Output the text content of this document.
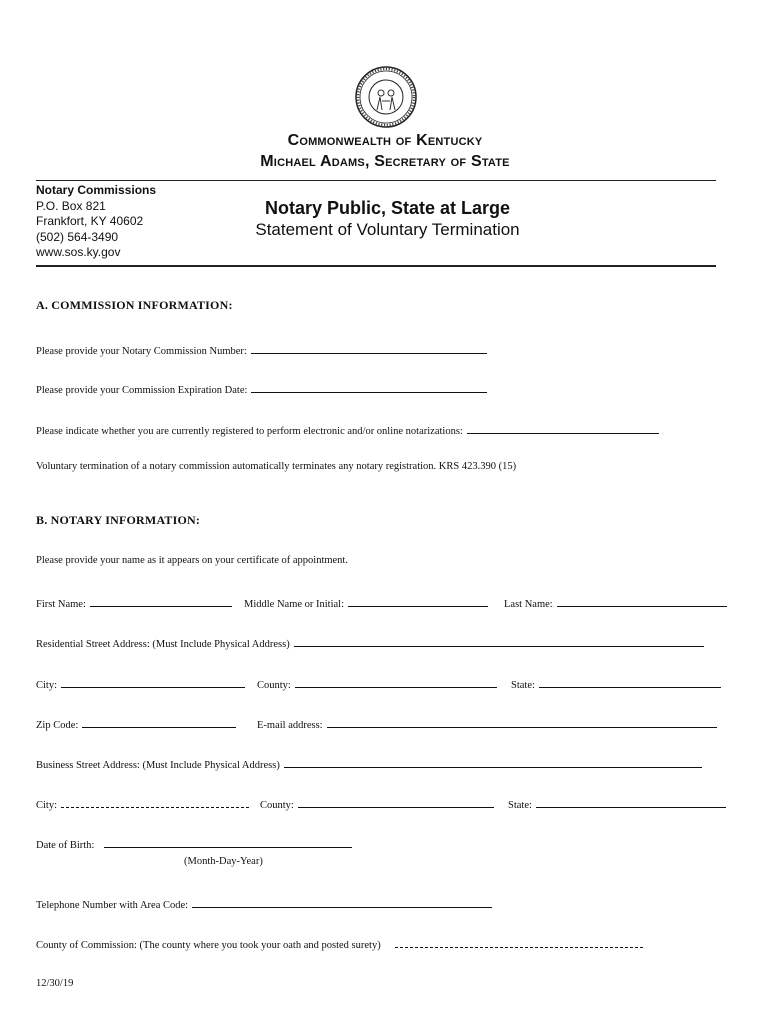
Commonwealth of Kentucky
Michael Adams, Secretary of State
Notary Commissions
P.O. Box 821
Frankfort, KY 40602
(502) 564-3490
www.sos.ky.gov
Notary Public, State at Large
Statement of Voluntary Termination
A. COMMISSION INFORMATION:
Please provide your Notary Commission Number:
Please provide your Commission Expiration Date:
Please indicate whether you are currently registered to perform electronic and/or online notarizations:
Voluntary termination of a notary commission automatically terminates any notary registration. KRS 423.390 (15)
B. NOTARY INFORMATION:
Please provide your name as it appears on your certificate of appointment.
First Name:	Middle Name or Initial:	Last Name:
Residential Street Address: (Must Include Physical Address)
City:	County:	State:
Zip Code:	E-mail address:
Business Street Address: (Must Include Physical Address)
City:	County:	State:
Date of Birth:
(Month-Day-Year)
Telephone Number with Area Code:
County of Commission: (The county where you took your oath and posted surety)
12/30/19
